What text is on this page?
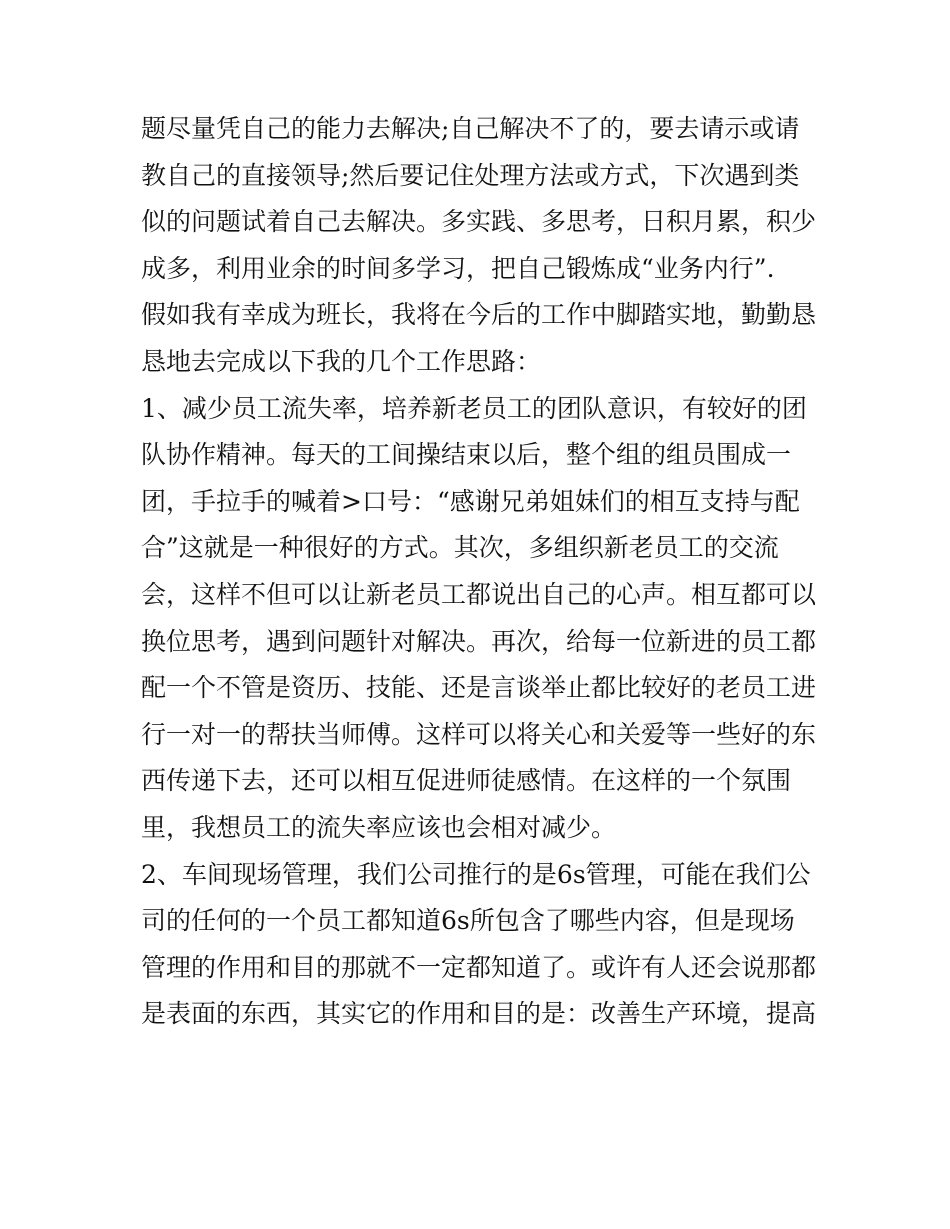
题尽量凭自己的能力去解决;自己解决不了的，要去请示或请
教自己的直接领导;然后要记住处理方法或方式，下次遇到类
似的问题试着自己去解决。多实践、多思考，日积月累，积少
成多，利用业余的时间多学习，把自己锻炼成“业务内行”.
假如我有幸成为班长，我将在今后的工作中脚踏实地，勤勤恳
恳地去完成以下我的几个工作思路：
1、减少员工流失率，培养新老员工的团队意识，有较好的团
队协作精神。每天的工间操结束以后，整个组的组员围成一
团，手拉手的喊着>口号：“感谢兄弟姐妹们的相互支持与配
合”这就是一种很好的方式。其次，多组织新老员工的交流
会，这样不但可以让新老员工都说出自己的心声。相互都可以
换位思考，遇到问题针对解决。再次，给每一位新进的员工都
配一个不管是资历、技能、还是言谈举止都比较好的老员工进
行一对一的帮扶当师傅。这样可以将关心和关爱等一些好的东
西传递下去，还可以相互促进师徒感情。在这样的一个氛围
里，我想员工的流失率应该也会相对减少。
2、车间现场管理，我们公司推行的是6s管理，可能在我们公
司的任何的一个员工都知道6s所包含了哪些内容，但是现场
管理的作用和目的那就不一定都知道了。或许有人还会说那都
是表面的东西，其实它的作用和目的是：改善生产环境，提高
